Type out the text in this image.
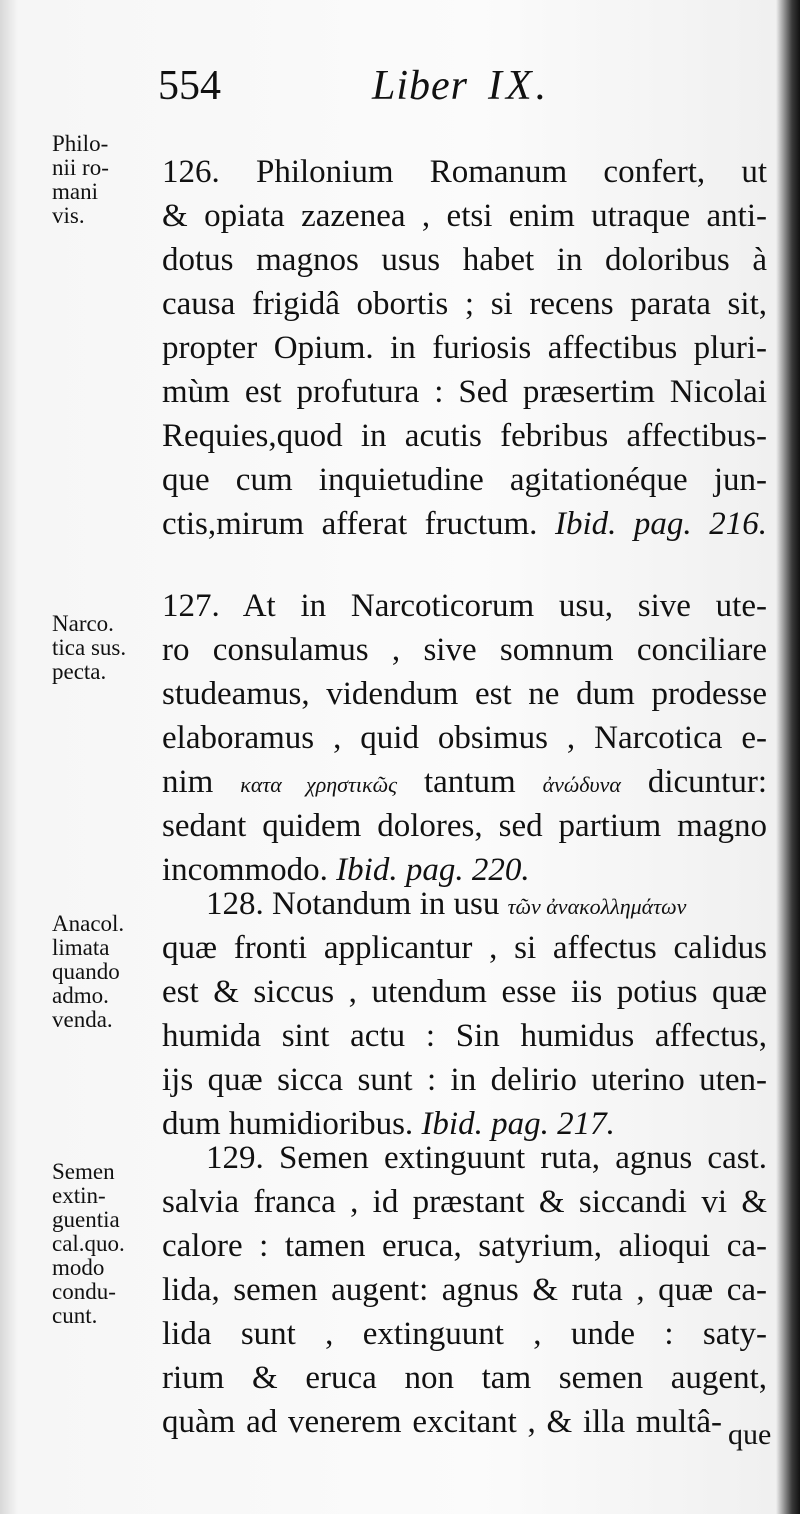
554	Liber IX.
Philo-
nii ro-
mani
vis.
126. Philonium Romanum confert, ut
& opiata zazenea , etsi enim utraque anti-
dotus magnos usus habet in doloribus à
causa frigidâ obortis ; si recens parata sit,
propter Opium. in furiosis affectibus pluri-
mùm est profutura : Sed præsertim Nicolai
Requies,quod in acutis febribus affectibus-
que cum inquietudine agitationéque jun-
ctis,mirum afferat fructum. Ibid. pag. 216.
Narco.
tica sus.
pecta.
127. At in Narcoticorum usu, sive ute-
ro consulamus , sive somnum conciliare
studeamus, videndum est ne dum prodesse
elaboramus , quid obsimus , Narcotica e-
nim κατα χρηστικῶς tantum ἀνώδυνα dicuntur:
sedant quidem dolores, sed partium magno
incommodo. Ibid. pag. 220.
Anacol.
limata
quando
admo.
venda.
128. Notandum in usu τῶν ἀνακολλημάτων
quæ fronti applicantur , si affectus calidus
est & siccus , utendum esse iis potius quæ
humida sint actu : Sin humidus affectus,
ijs quæ sicca sunt : in delirio uterino uten-
dum humidioribus. Ibid. pag. 217.
Semen
extin-
guentia
cal.quo.
modo
condu-
cunt.
129. Semen extinguunt ruta, agnus cast.
salvia franca , id præstant & siccandi vi &
calore : tamen eruca, satyrium, alioqui ca-
lida, semen augent: agnus & ruta , quæ ca-
lida sunt , extinguunt , unde : saty-
rium & eruca non tam semen augent,
quàm ad venerem excitant , & illa multâ- que
